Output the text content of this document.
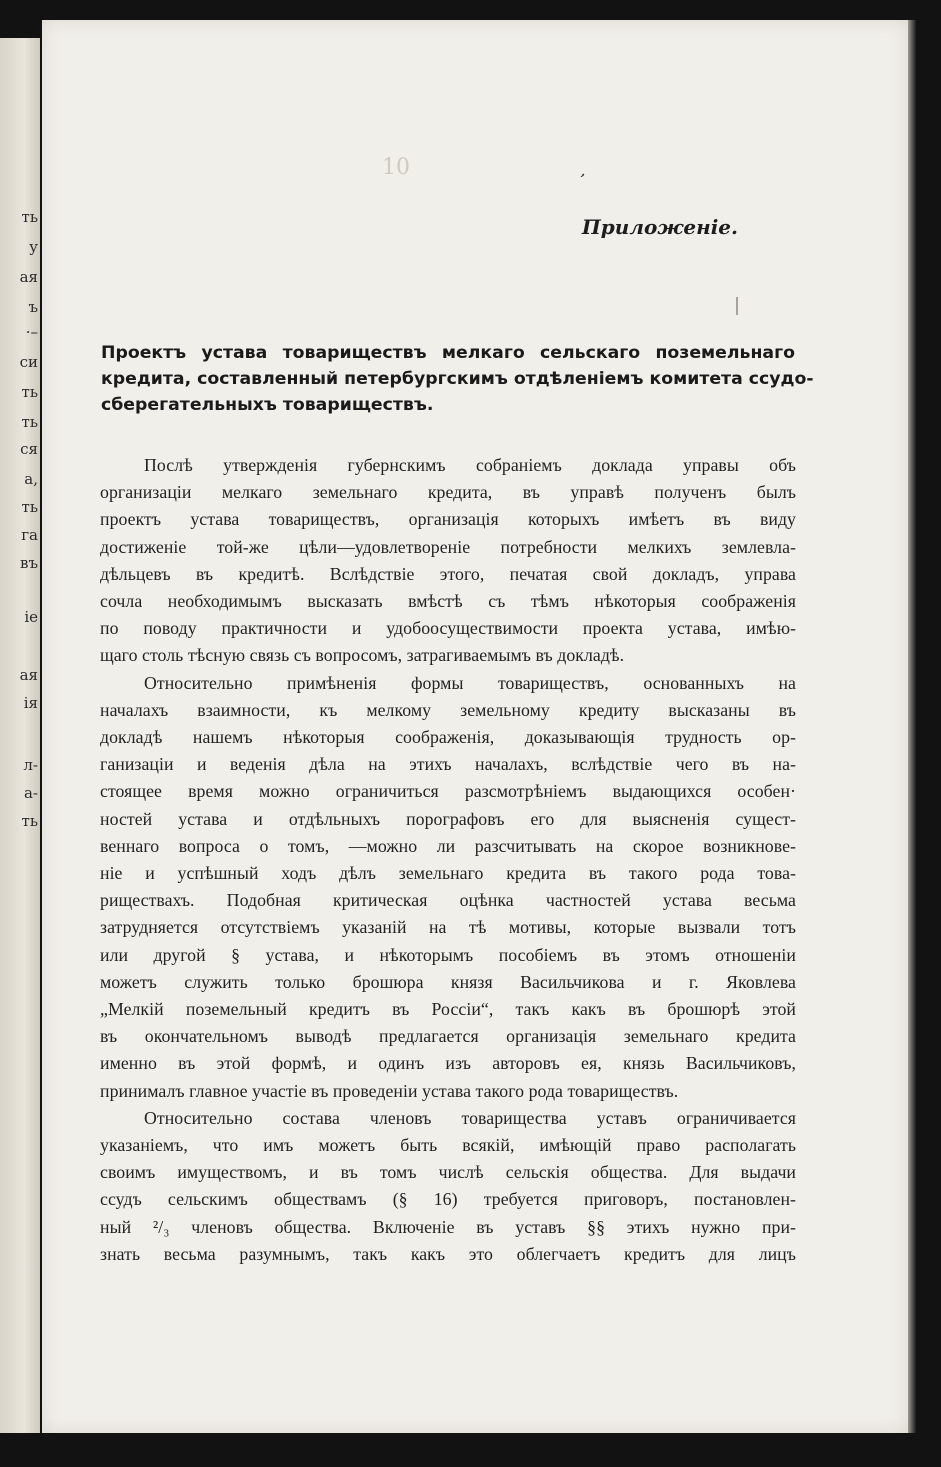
ть
у
ая
ъ
·–
си
ть
ть
ся
а,
ть
га
въ
іе
ая
ія
л-
а-
ть
10	ʼ
Приложеніе.
Проектъ устава товариществъ мелкаго сельскаго поземельнаго
кредита, составленный петербургскимъ отдѣленіемъ комитета ссудо-
сберегательныхъ товариществъ.
Послѣ утвержденія губернскимъ собраніемъ доклада управы объ
организаціи мелкаго земельнаго кредита, въ управѣ полученъ былъ
проектъ устава товариществъ, организація которыхъ имѣетъ въ виду
достиженіе той-же цѣли—удовлетвореніе потребности мелкихъ землевла-
дѣльцевъ въ кредитѣ. Вслѣдствіе этого, печатая свой докладъ, управа
сочла необходимымъ высказать вмѣстѣ съ тѣмъ нѣкоторыя соображенія
по поводу практичности и удобоосуществимости проекта устава, имѣю-
щаго столь тѣсную связь съ вопросомъ, затрагиваемымъ въ докладѣ.
Относительно примѣненія формы товариществъ, основанныхъ на
началахъ взаимности, къ мелкому земельному кредиту высказаны въ
докладѣ нашемъ нѣкоторыя соображенія, доказывающія трудность ор-
ганизаціи и веденія дѣла на этихъ началахъ, вслѣдствіе чего въ на-
стоящее время можно ограничиться разсмотрѣніемъ выдающихся особен·
ностей устава и отдѣльныхъ порографовъ его для выясненія сущест-
веннаго вопроса о томъ, —можно ли разсчитывать на скорое возникнове-
ніе и успѣшный ходъ дѣлъ земельнаго кредита въ такого рода това-
риществахъ. Подобная критическая оцѣнка частностей устава весьма
затрудняется отсутствіемъ указаній на тѣ мотивы, которые вызвали тотъ
или другой § устава, и нѣкоторымъ пособіемъ въ этомъ отношеніи
можетъ служить только брошюра князя Васильчикова и г. Яковлева
„Мелкій поземельный кредитъ въ Россіи“, такъ какъ въ брошюрѣ этой
въ окончательномъ выводѣ предлагается организація земельнаго кредита
именно въ этой формѣ, и одинъ изъ авторовъ ея, князь Васильчиковъ,
принималъ главное участіе въ проведеніи устава такого рода товариществъ.
Относительно состава членовъ товарищества уставъ ограничивается
указаніемъ, что имъ можетъ быть всякій, имѣющій право располагать
своимъ имуществомъ, и въ томъ числѣ сельскія общества. Для выдачи
ссудъ сельскимъ обществамъ (§ 16) требуется приговоръ, постановлен-
ный ²/₃ членовъ общества. Включеніе въ уставъ §§ этихъ нужно при-
знать весьма разумнымъ, такъ какъ это облегчаетъ кредитъ для лицъ
